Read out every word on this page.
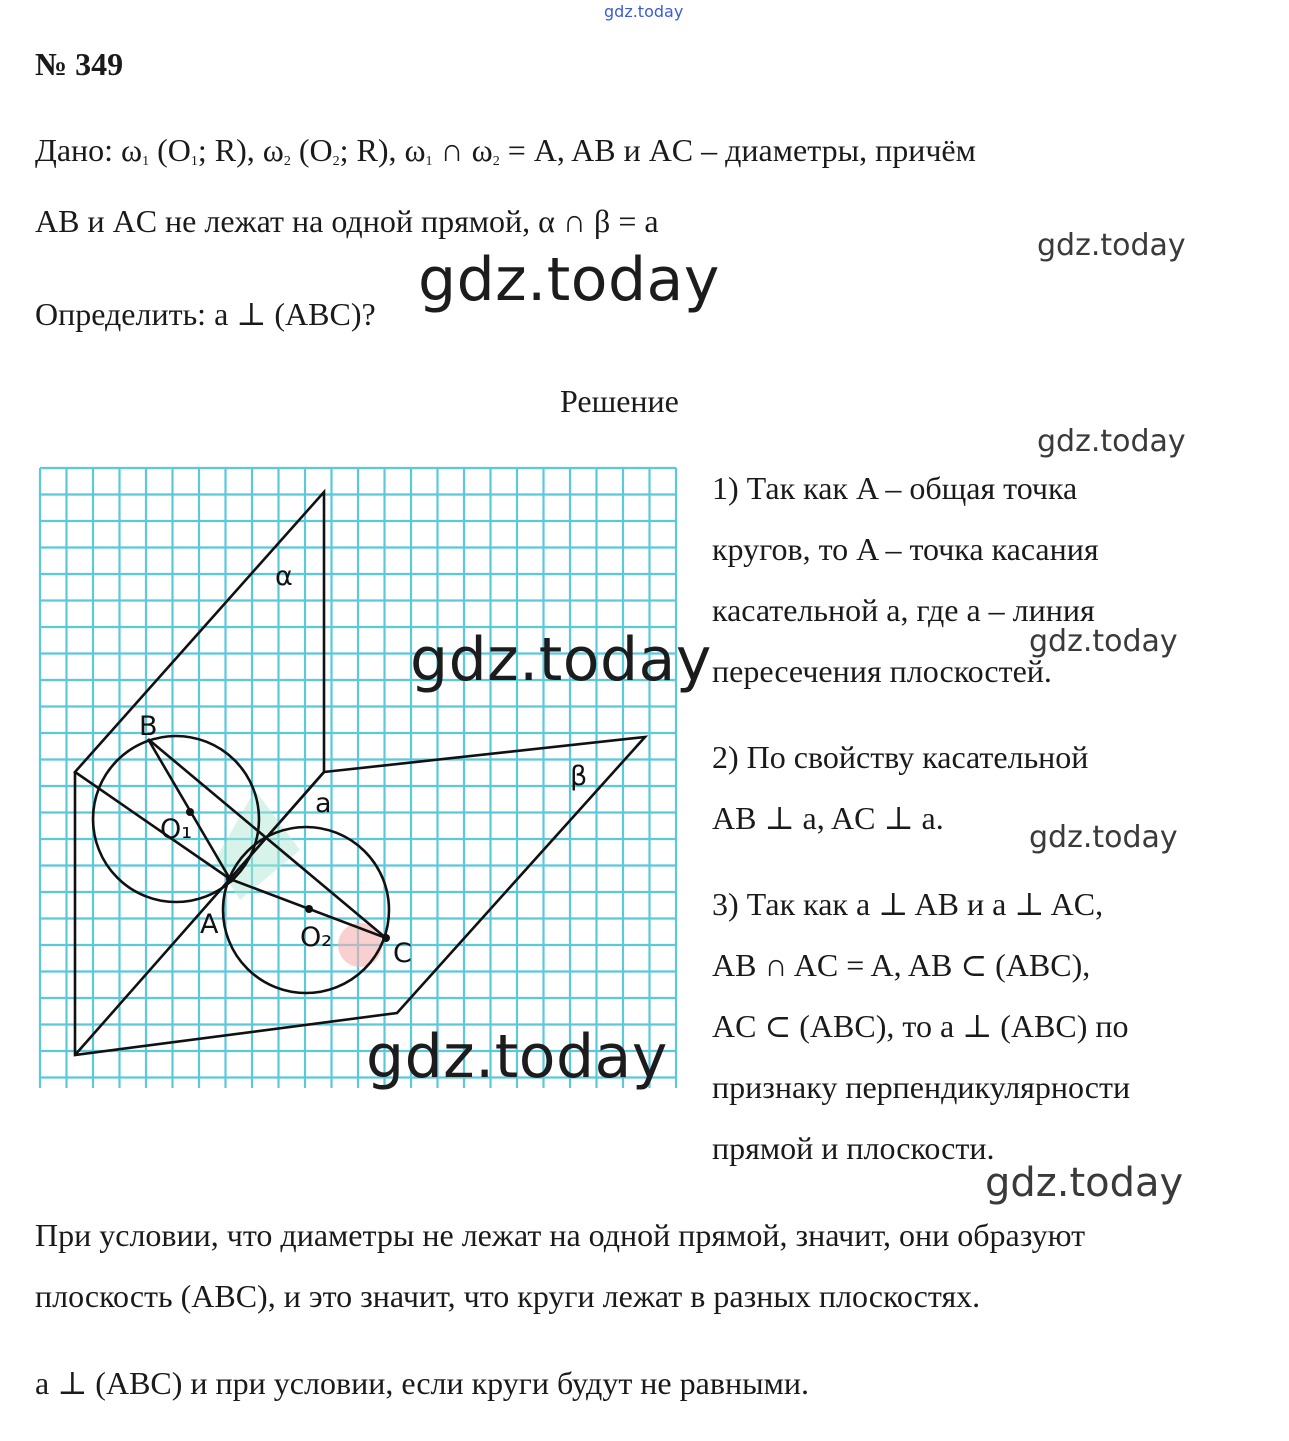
gdz.today
№ 349
Дано: $\omega_1$ ($O_1$; R), $\omega_2$ ($O_2$; R), $\omega_1$ ∩ $\omega_2 = A$, AB и AC – диаметры, причём
AB и AC не лежат на одной прямой, α ∩ β = a
Определить: a ⊥ (ABC)?
Решение
α
β
a
B
O₁
A	O₂
C
1) Так как A – общая точка
кругов, то A – точка касания
касательной a, где a – линия
пересечения плоскостей.
2) По свойству касательной
AB ⊥ a, AC ⊥ a.
3) Так как a ⊥ AB и a ⊥ AC,
AB ∩ AC = A, AB ⊂ (ABC),
AC ⊂ (ABC), то a ⊥ (ABC) по
признаку перпендикулярности
прямой и плоскости.
При условии, что диаметры не лежат на одной прямой, значит, они образуют
плоскость (ABC), и это значит, что круги лежат в разных плоскостях.
a ⊥ (ABC) и при условии, если круги будут не равными.
gdz.today
gdz.today
gdz.today
gdz.today	gdz.today
gdz.today
gdz.today
gdz.today
